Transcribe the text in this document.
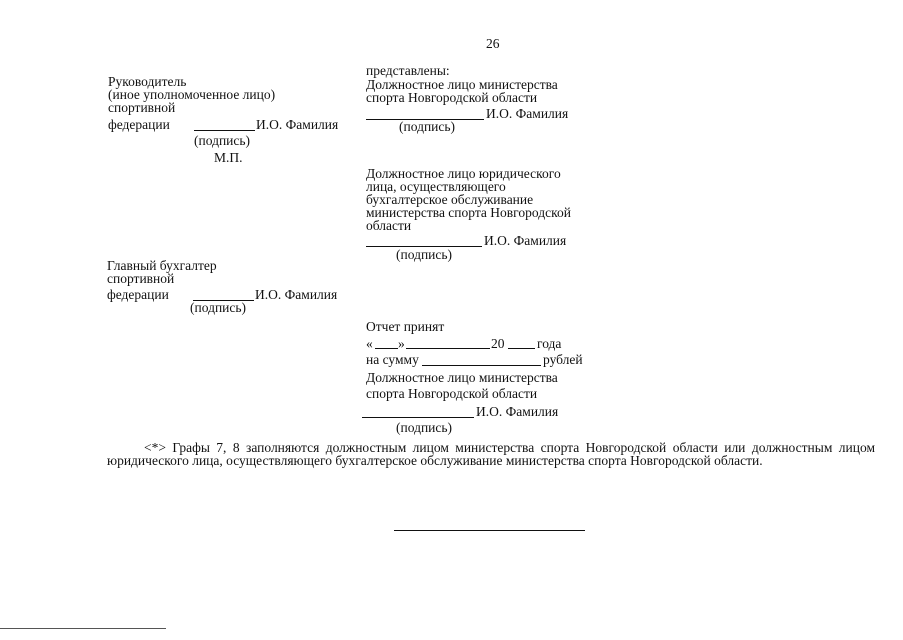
26
Руководитель
(иное уполномоченное лицо)
спортивной
федерации	И.О. Фамилия
(подпись)
М.П.
Главный бухгалтер
спортивной
федерации	И.О. Фамилия
(подпись)
представлены:
Должностное лицо министерства
спорта Новгородской области
И.О. Фамилия
(подпись)
Должностное лицо юридического
лица, осуществляющего
бухгалтерское обслуживание
министерства спорта Новгородской
области
И.О. Фамилия
(подпись)
Отчет принят
« »	20 года
на сумму	рублей
Должностное лицо министерства
спорта Новгородской области
И.О. Фамилия
(подпись)
<*> Графы 7, 8 заполняются должностным лицом министерства спорта Новгородской области или должностным лицом юридического лица, осуществляющего бухгалтерское обслуживание министерства спорта Новгородской области.
